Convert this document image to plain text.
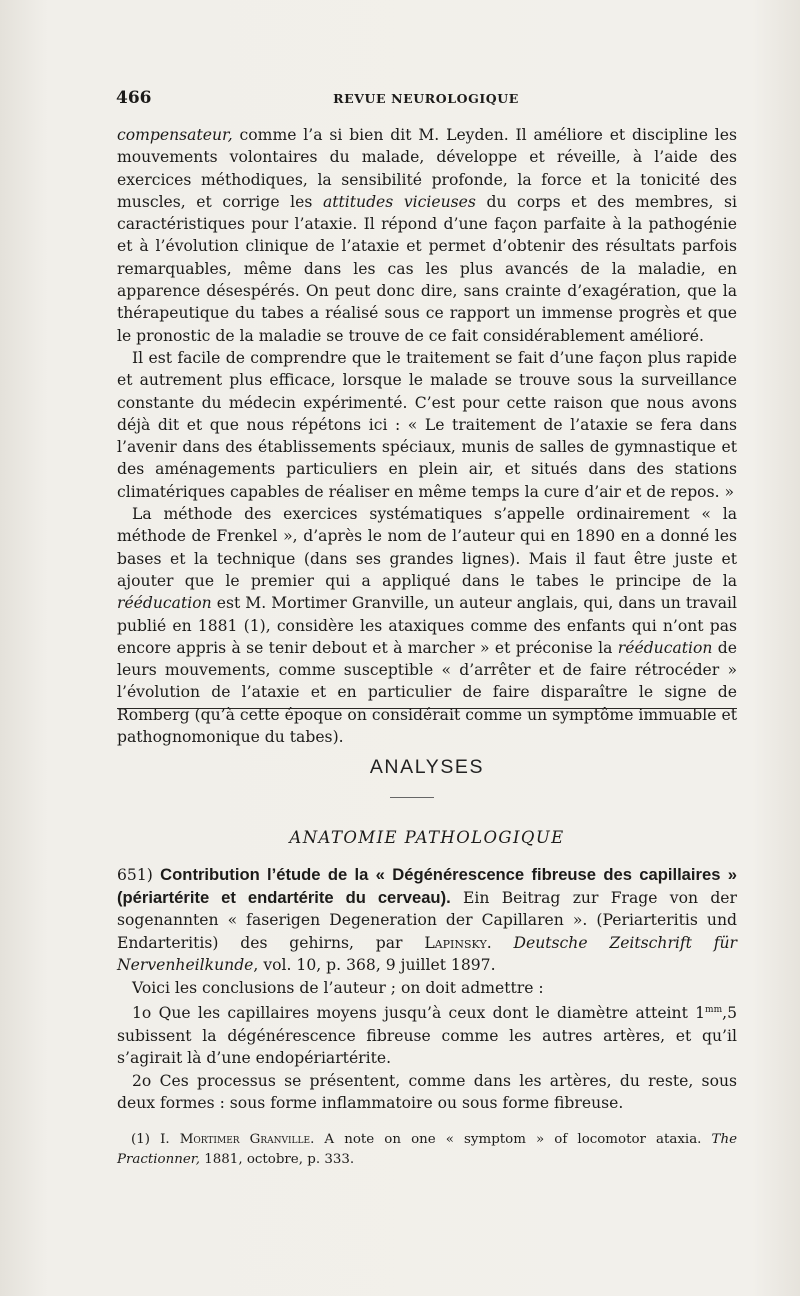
466	REVUE NEUROLOGIQUE

compensateur, comme l’a si bien dit M. Leyden. Il améliore et discipline les mouvements volontaires du malade, développe et réveille, à l’aide des exercices méthodiques, la sensibilité profonde, la force et la tonicité des muscles, et corrige les attitudes vicieuses du corps et des membres, si caractéristiques pour l’ataxie. Il répond d’une façon parfaite à la pathogénie et à l’évolution clinique de l’ataxie et permet d’obtenir des résultats parfois remarquables, même dans les cas les plus avancés de la maladie, en apparence désespérés. On peut donc dire, sans crainte d’exagération, que la thérapeutique du tabes a réalisé sous ce rapport un immense progrès et que le pronostic de la maladie se trouve de ce fait considérablement amélioré.

Il est facile de comprendre que le traitement se fait d’une façon plus rapide et autrement plus efficace, lorsque le malade se trouve sous la surveillance constante du médecin expérimenté. C’est pour cette raison que nous avons déjà dit et que nous répétons ici : « Le traitement de l’ataxie se fera dans l’avenir dans des établissements spéciaux, munis de salles de gymnastique et des aménagements particuliers en plein air, et situés dans des stations climatériques capables de réaliser en même temps la cure d’air et de repos. »

La méthode des exercices systématiques s’appelle ordinairement « la méthode de Frenkel », d’après le nom de l’auteur qui en 1890 en a donné les bases et la technique (dans ses grandes lignes). Mais il faut être juste et ajouter que le premier qui a appliqué dans le tabes le principe de la rééducation est M. Mortimer Granville, un auteur anglais, qui, dans un travail publié en 1881 (1), considère les ataxiques comme des enfants qui n’ont pas encore appris à se tenir debout et à marcher » et préconise la rééducation de leurs mouvements, comme susceptible « d’arrêter et de faire rétrocéder » l’évolution de l’ataxie et en particulier de faire disparaître le signe de Romberg (qu’à cette époque on considérait comme un symptôme immuable et pathognomonique du tabes).

ANALYSES
ANATOMIE PATHOLOGIQUE

651) Contribution l’étude de la « Dégénérescence fibreuse des capillaires » (périartérite et endartérite du cerveau). Ein Beitrag zur Frage von der sogenannten « faserigen Degeneration der Capillaren ». (Periarteritis und Endarteritis) des gehirns, par Lapinsky. Deutsche Zeitschrift für Nervenheilkunde, vol. 10, p. 368, 9 juillet 1897.

Voici les conclusions de l’auteur ; on doit admettre :

1o Que les capillaires moyens jusqu’à ceux dont le diamètre atteint $1^{mm},5$ subissent la dégénérescence fibreuse comme les autres artères, et qu’il s’agirait là d’une endopériartérite.

2o Ces processus se présentent, comme dans les artères, du reste, sous deux formes : sous forme inflammatoire ou sous forme fibreuse.

(1) I. Mortimer Granville. A note on one « symptom » of locomotor ataxia. The Practionner, 1881, octobre, p. 333.
